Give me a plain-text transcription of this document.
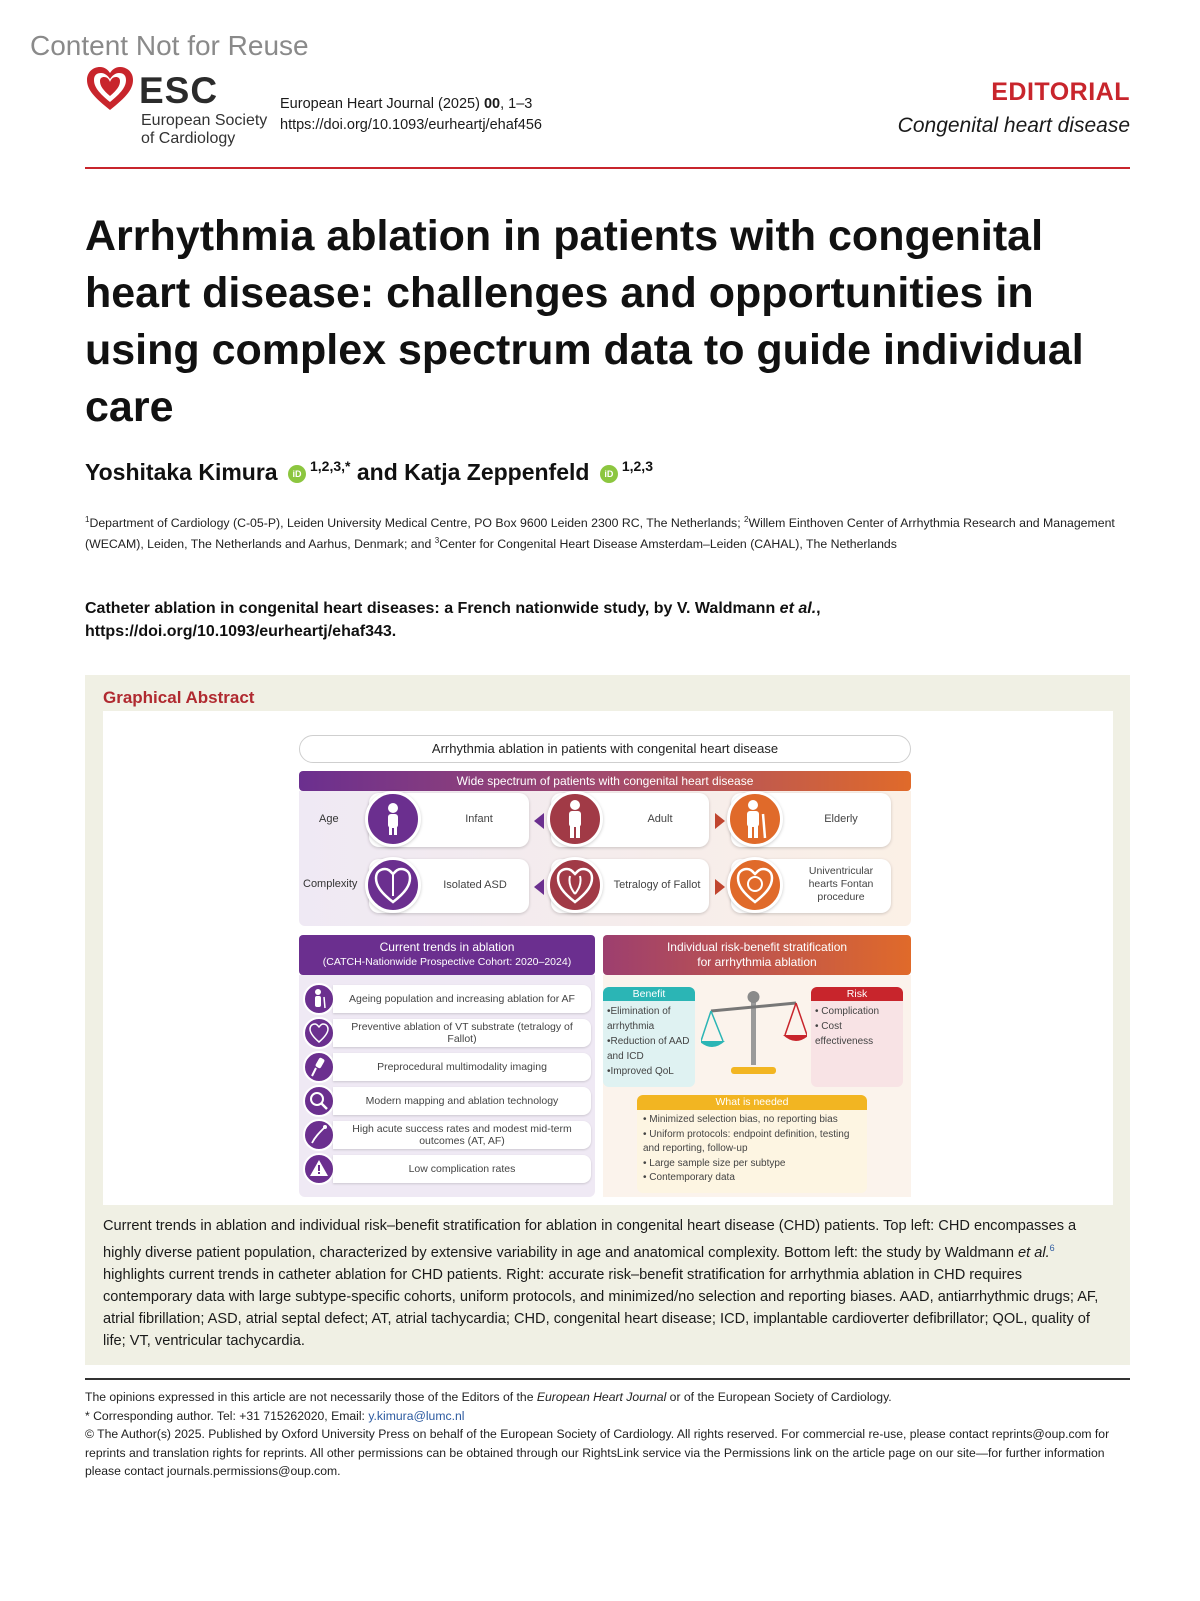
Content Not for Reuse
ESC
European Society
of Cardiology
European Heart Journal (2025) 00, 1–3
https://doi.org/10.1093/eurheartj/ehaf456
EDITORIAL
Congenital heart disease
Arrhythmia ablation in patients with congenital heart disease: challenges and opportunities in using complex spectrum data to guide individual care
Yoshitaka Kimura iD $^{1,2,3,*}$ and Katja Zeppenfeld iD $^{1,2,3}$
$^1$Department of Cardiology (C-05-P), Leiden University Medical Centre, PO Box 9600 Leiden 2300 RC, The Netherlands; $^2$Willem Einthoven Center of Arrhythmia Research and Management (WECAM), Leiden, The Netherlands and Aarhus, Denmark; and $^3$Center for Congenital Heart Disease Amsterdam–Leiden (CAHAL), The Netherlands
Catheter ablation in congenital heart diseases: a French nationwide study, by V. Waldmann et al., https://doi.org/10.1093/eurheartj/ehaf343.
Graphical Abstract
Arrhythmia ablation in patients with congenital heart disease
Wide spectrum of patients with congenital heart disease
Age
Complexity
Infant	Adult	Elderly
Isolated ASD	Tetralogy of Fallot
Univentricular hearts Fontan procedure
Current trends in ablation
(CATCH-Nationwide Prospective Cohort: 2020–2024)
Individual risk-benefit stratification
for arrhythmia ablation
Ageing population and increasing ablation for AF
Preventive ablation of VT substrate (tetralogy of Fallot)
Preprocedural multimodality imaging
Modern mapping and ablation technology
High acute success rates and modest mid-term outcomes (AT, AF)
Low complication rates
Benefit
•Elimination of arrhythmia
•Reduction of AAD and ICD
•Improved QoL
Risk
• Complication
• Cost effectiveness
What is needed
• Minimized selection bias, no reporting bias
• Uniform protocols: endpoint definition, testing and reporting, follow-up
• Large sample size per subtype
• Contemporary data
Current trends in ablation and individual risk–benefit stratification for ablation in congenital heart disease (CHD) patients. Top left: CHD encompasses a highly diverse patient population, characterized by extensive variability in age and anatomical complexity. Bottom left: the study by Waldmann et al.$^6$ highlights current trends in catheter ablation for CHD patients. Right: accurate risk–benefit stratification for arrhythmia ablation in CHD requires contemporary data with large subtype-specific cohorts, uniform protocols, and minimized/no selection and reporting biases. AAD, antiarrhythmic drugs; AF, atrial fibrillation; ASD, atrial septal defect; AT, atrial tachycardia; CHD, congenital heart disease; ICD, implantable cardioverter defibrillator; QOL, quality of life; VT, ventricular tachycardia.
The opinions expressed in this article are not necessarily those of the Editors of the European Heart Journal or of the European Society of Cardiology.
* Corresponding author. Tel: +31 715262020, Email: y.kimura@lumc.nl
© The Author(s) 2025. Published by Oxford University Press on behalf of the European Society of Cardiology. All rights reserved. For commercial re-use, please contact reprints@oup.com for reprints and translation rights for reprints. All other permissions can be obtained through our RightsLink service via the Permissions link on the article page on our site—for further information please contact journals.permissions@oup.com.
